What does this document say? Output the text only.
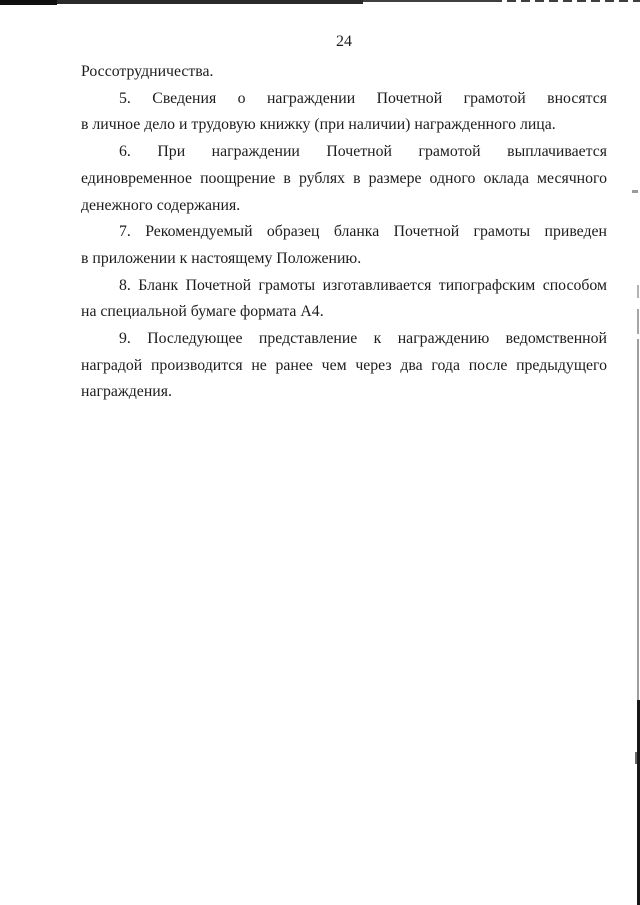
24
Россотрудничества.
5. Сведения о награждении Почетной грамотой вносятся
в личное дело и трудовую книжку (при наличии) награжденного лица.
6. При награждении Почетной грамотой выплачивается
единовременное поощрение в рублях в размере одного оклада месячного
денежного содержания.
7. Рекомендуемый образец бланка Почетной грамоты приведен
в приложении к настоящему Положению.
8. Бланк Почетной грамоты изготавливается типографским способом
на специальной бумаге формата А4.
9. Последующее представление к награждению ведомственной
наградой производится не ранее чем через два года после предыдущего
награждения.
